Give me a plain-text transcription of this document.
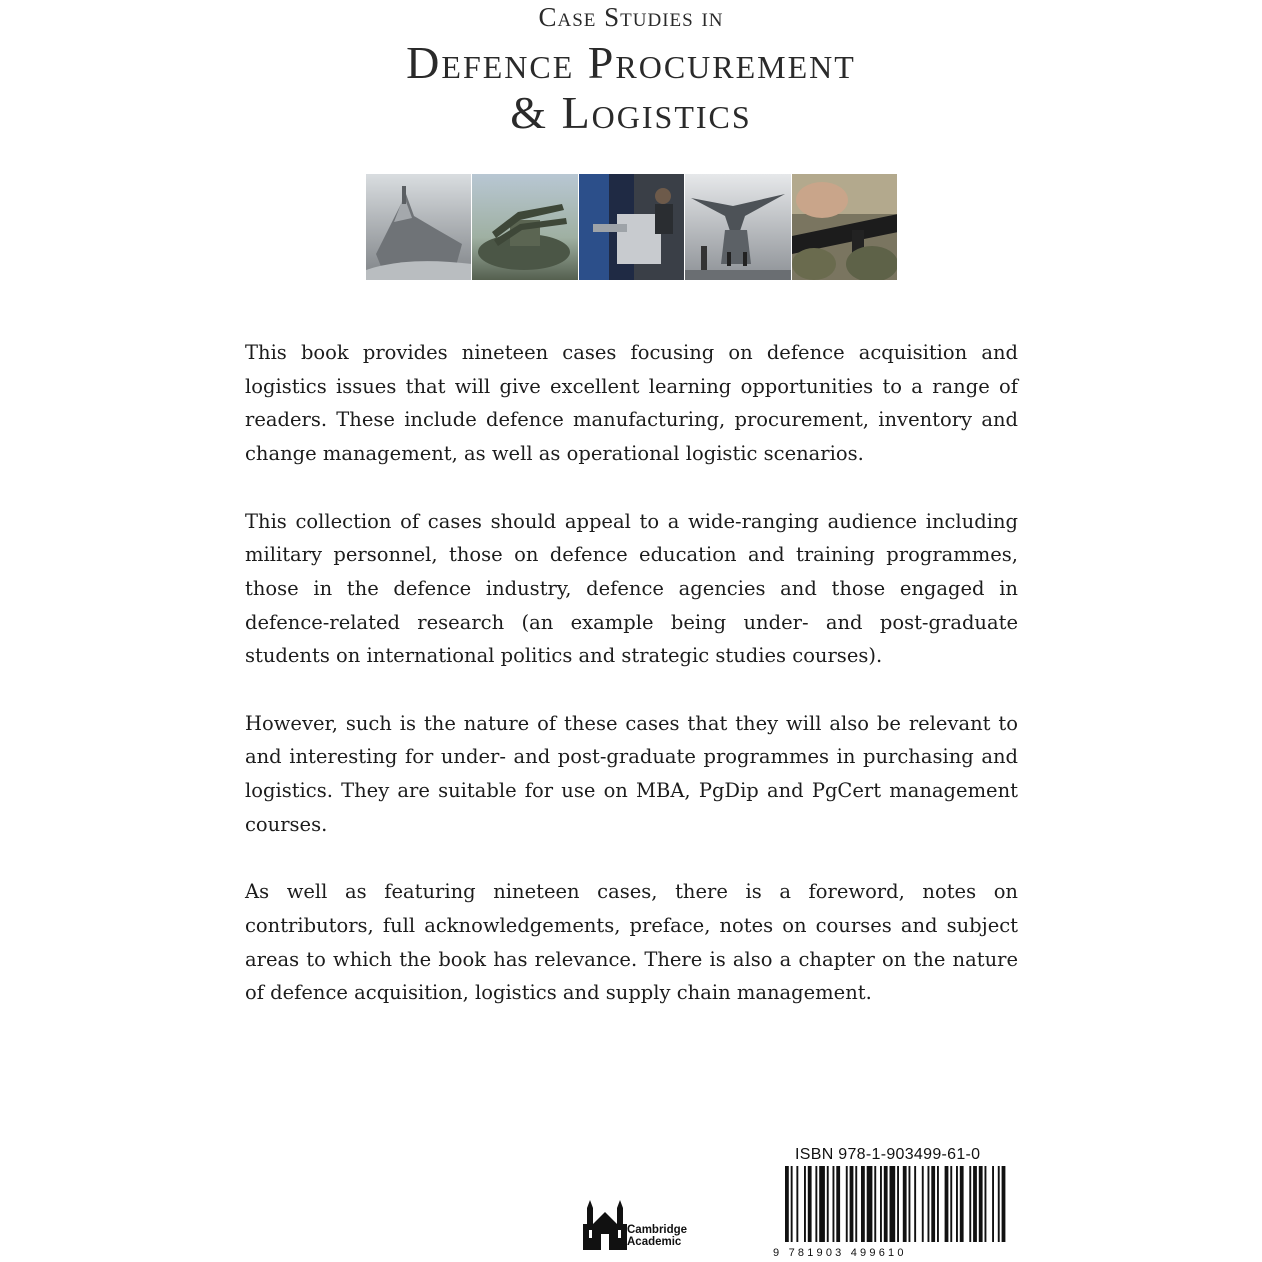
Case Studies in
Defence Procurement
& Logistics

This book provides nineteen cases focusing on defence acquisition and logistics issues that will give excellent learning opportunities to a range of readers. These include defence manufacturing, procurement, inventory and change management, as well as operational logistic scenarios.

This collection of cases should appeal to a wide-ranging audience including military personnel, those on defence education and training programmes, those in the defence industry, defence agencies and those engaged in defence-related research (an example being under- and post-graduate students on international politics and strategic studies courses).

However, such is the nature of these cases that they will also be relevant to and interesting for under- and post-graduate programmes in purchasing and logistics. They are suitable for use on MBA, PgDip and PgCert management courses.

As well as featuring nineteen cases, there is a foreword, notes on contributors, full acknowledgements, preface, notes on courses and subject areas to which the book has relevance. There is also a chapter on the nature of defence acquisition, logistics and supply chain management.

Cambridge
Academic
ISBN 978-1-903499-61-0
9 781903 499610
